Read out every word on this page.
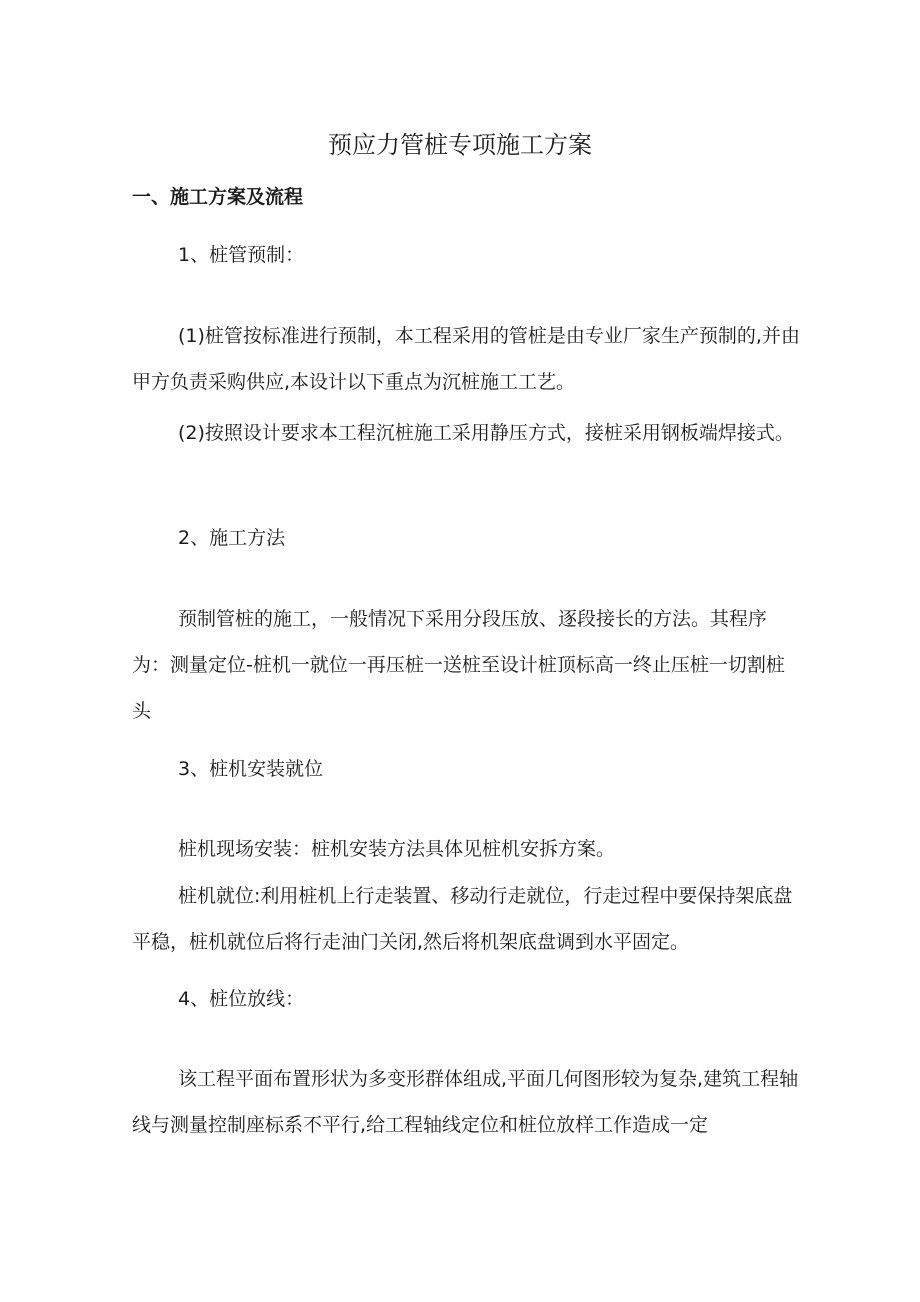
预应力管桩专项施工方案
一、施工方案及流程
1、桩管预制：
(1)桩管按标准进行预制，本工程采用的管桩是由专业厂家生产预制的,并由甲方负责采购供应,本设计以下重点为沉桩施工工艺。
(2)按照设计要求本工程沉桩施工采用静压方式，接桩采用钢板端焊接式。
2、施工方法
预制管桩的施工，一般情况下采用分段压放、逐段接长的方法。其程序为：测量定位-桩机一就位一再压桩一送桩至设计桩顶标高一终止压桩一切割桩头
3、桩机安装就位
桩机现场安装：桩机安装方法具体见桩机安拆方案。
桩机就位:利用桩机上行走装置、移动行走就位，行走过程中要保持架底盘平稳，桩机就位后将行走油门关闭,然后将机架底盘调到水平固定。
4、桩位放线：
该工程平面布置形状为多变形群体组成,平面几何图形较为复杂,建筑工程轴线与测量控制座标系不平行,给工程轴线定位和桩位放样工作造成一定
